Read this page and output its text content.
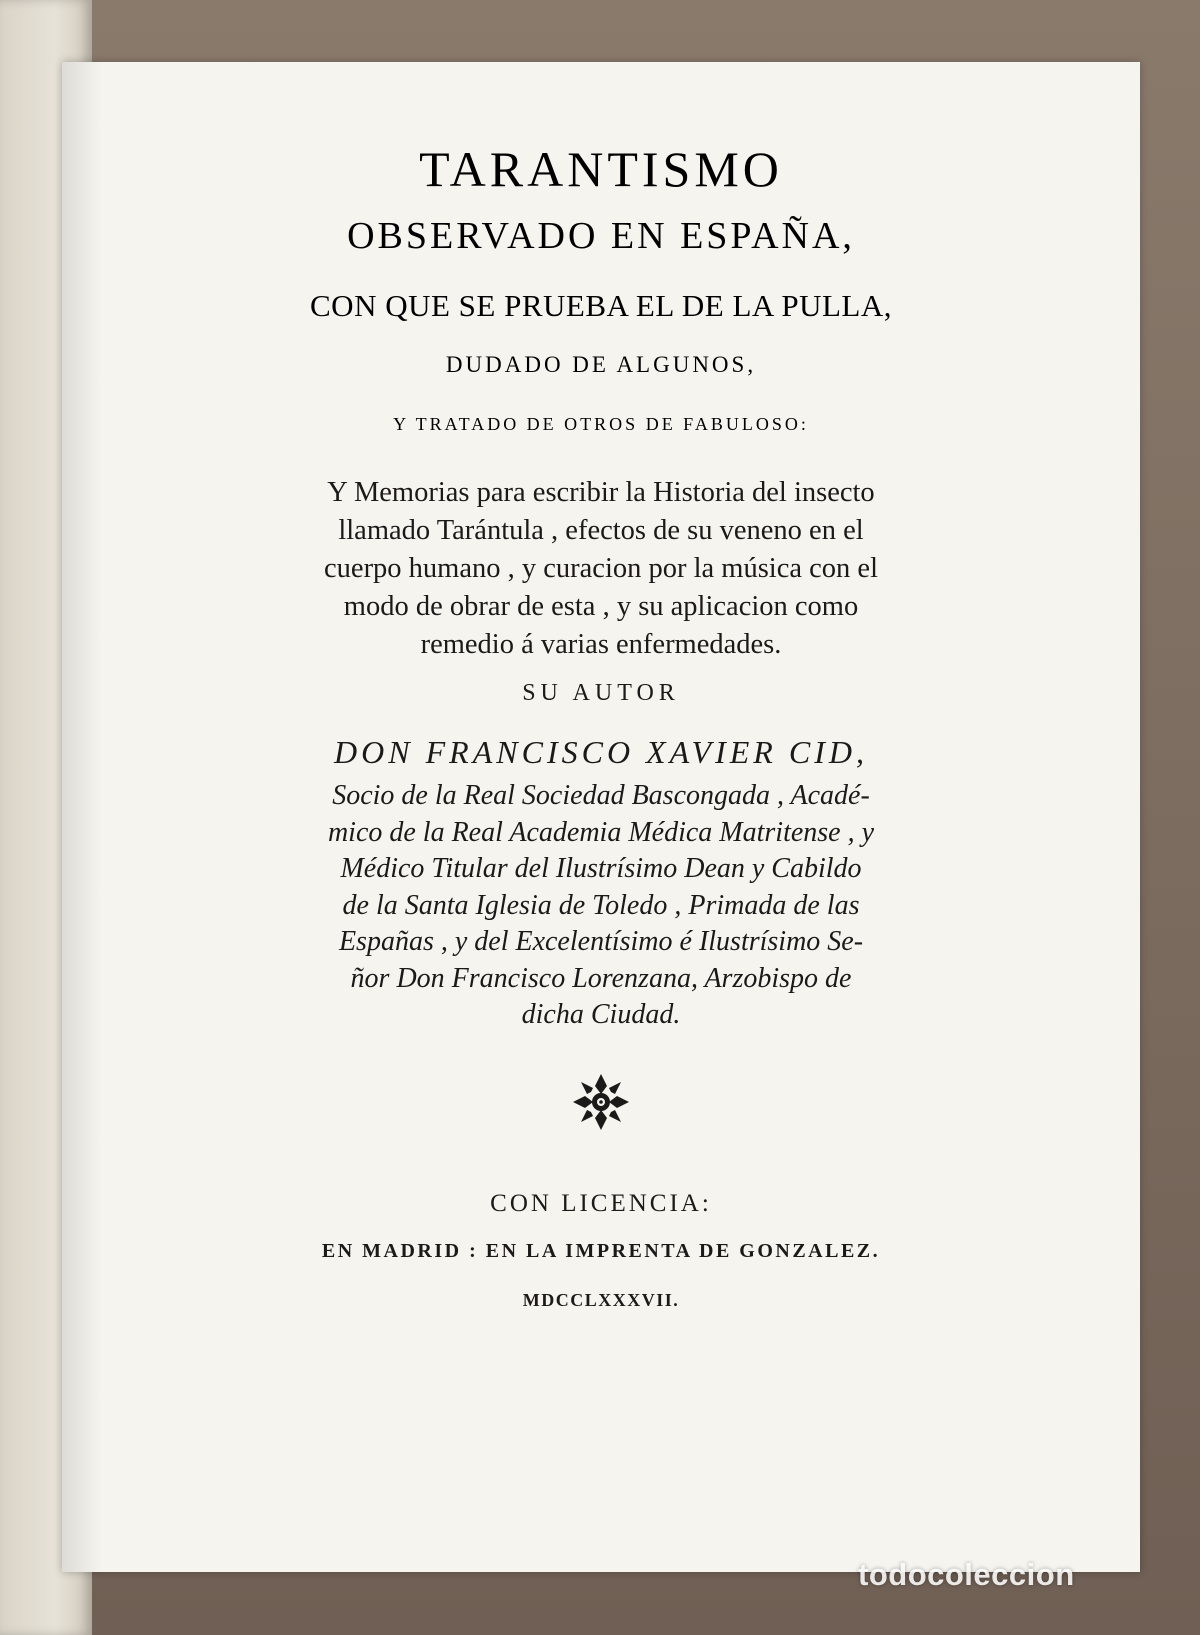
TARANTISMO
OBSERVADO EN ESPAÑA,
CON QUE SE PRUEBA EL DE LA PULLA,
DUDADO DE ALGUNOS,
Y TRATADO DE OTROS DE FABULOSO:
Y Memorias para escribir la Historia del insecto
llamado Tarántula , efectos de su veneno en el
cuerpo humano , y curacion por la música con el
modo de obrar de esta , y su aplicacion como
remedio á varias enfermedades.
SU AUTOR
DON FRANCISCO XAVIER CID,
Socio de la Real Sociedad Bascongada , Acadé-
mico de la Real Academia Médica Matritense , y
Médico Titular del Ilustrísimo Dean y Cabildo
de la Santa Iglesia de Toledo , Primada de las
Españas , y del Excelentísimo é Ilustrísimo Se-
ñor Don Francisco Lorenzana, Arzobispo de
dicha Ciudad.
CON LICENCIA:
EN MADRID : EN LA IMPRENTA DE GONZALEZ.
MDCCLXXXVII.
todocoleccion
